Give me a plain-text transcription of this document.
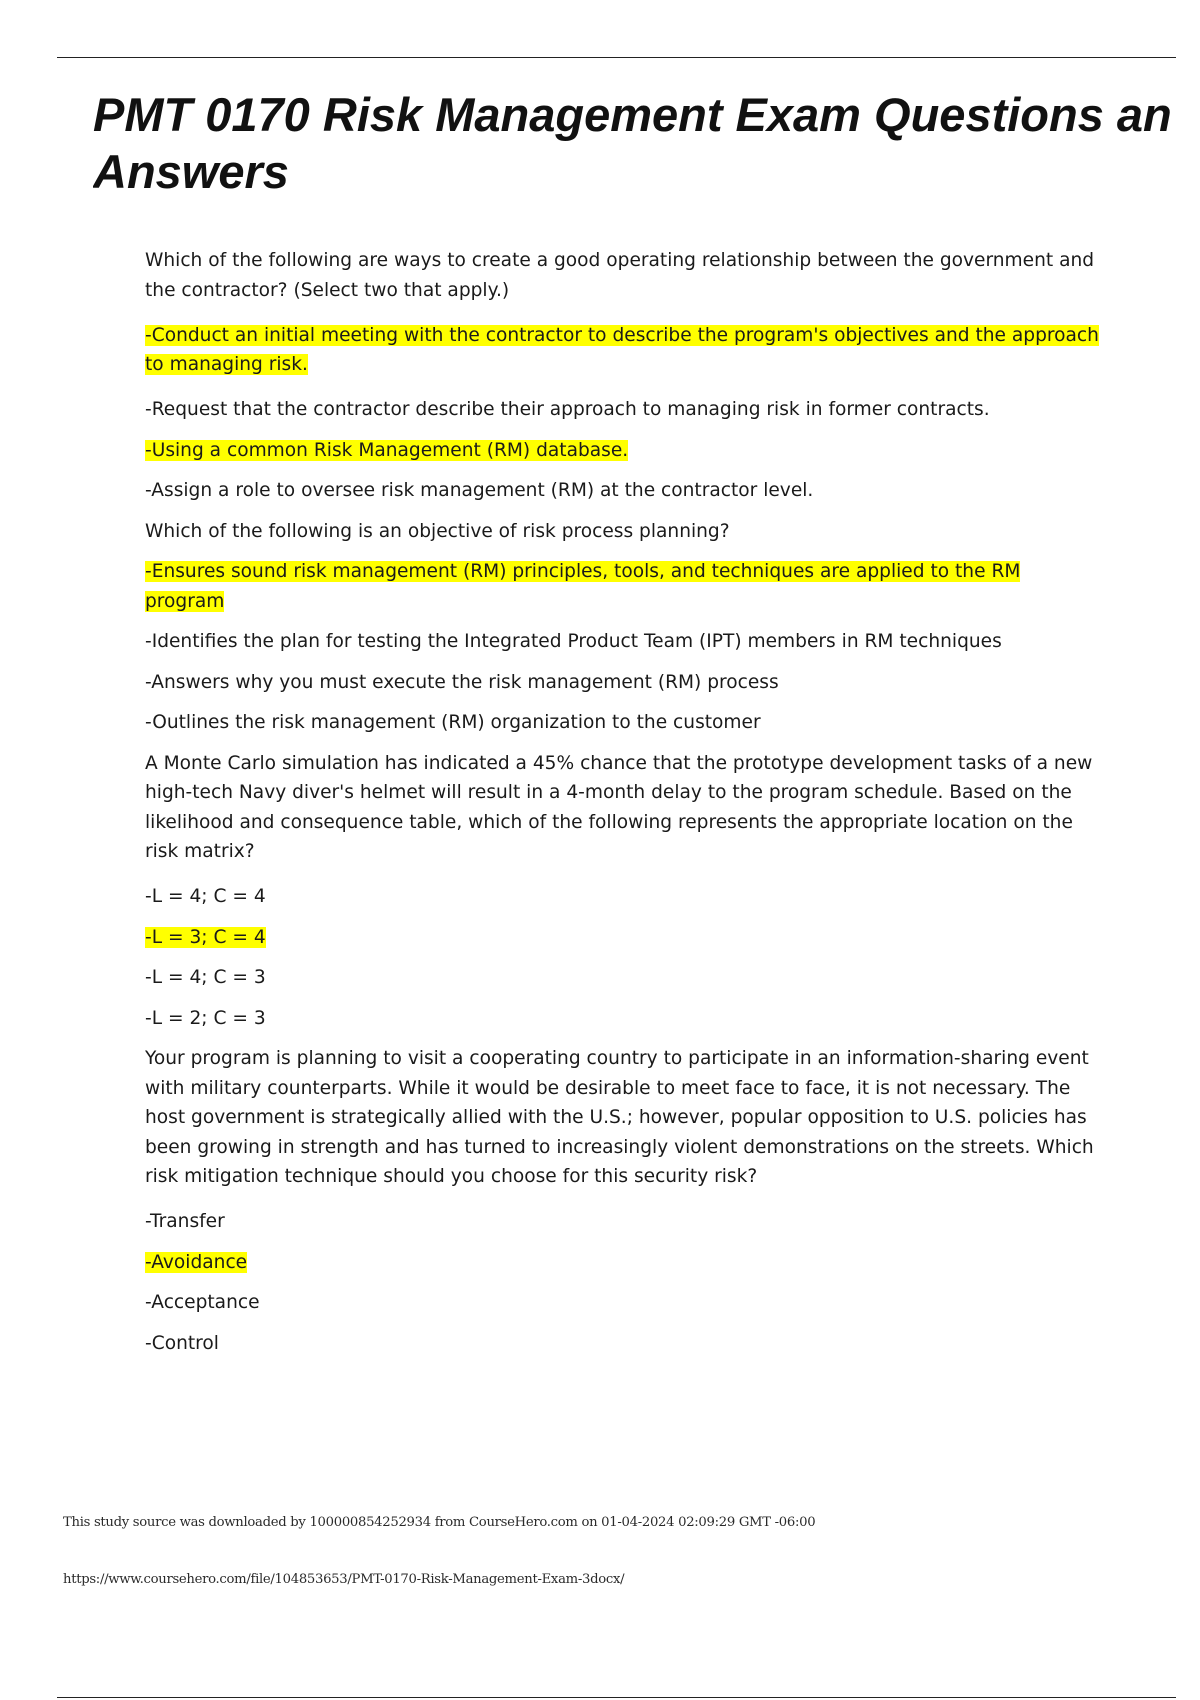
PMT 0170 Risk Management Exam Questions an
Answers

Which of the following are ways to create a good operating relationship between the government and the contractor? (Select two that apply.)

-Conduct an initial meeting with the contractor to describe the program's objectives and the approach to managing risk.

-Request that the contractor describe their approach to managing risk in former contracts.

-Using a common Risk Management (RM) database.

-Assign a role to oversee risk management (RM) at the contractor level.

Which of the following is an objective of risk process planning?

-Ensures sound risk management (RM) principles, tools, and techniques are applied to the RM program

-Identifies the plan for testing the Integrated Product Team (IPT) members in RM techniques

-Answers why you must execute the risk management (RM) process

-Outlines the risk management (RM) organization to the customer

A Monte Carlo simulation has indicated a 45% chance that the prototype development tasks of a new high-tech Navy diver's helmet will result in a 4-month delay to the program schedule. Based on the likelihood and consequence table, which of the following represents the appropriate location on the risk matrix?

-L = 4; C = 4

-L = 3; C = 4

-L = 4; C = 3

-L = 2; C = 3

Your program is planning to visit a cooperating country to participate in an information-sharing event with military counterparts. While it would be desirable to meet face to face, it is not necessary. The host government is strategically allied with the U.S.; however, popular opposition to U.S. policies has been growing in strength and has turned to increasingly violent demonstrations on the streets. Which risk mitigation technique should you choose for this security risk?

-Transfer

-Avoidance

-Acceptance

-Control

This study source was downloaded by 100000854252934 from CourseHero.com on 01-04-2024 02:09:29 GMT -06:00
https://www.coursehero.com/file/104853653/PMT-0170-Risk-Management-Exam-3docx/
